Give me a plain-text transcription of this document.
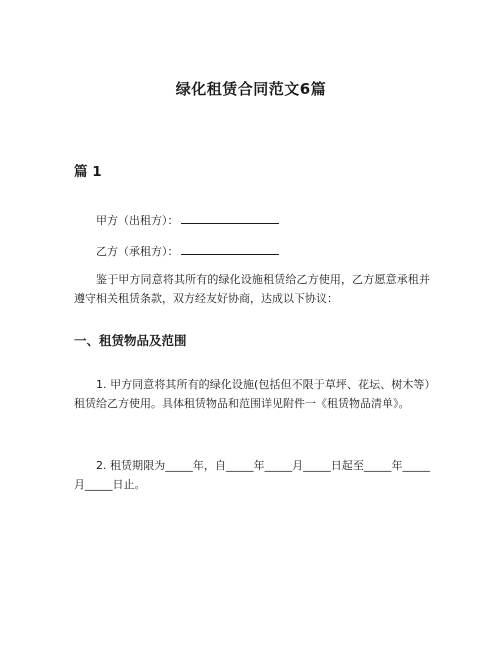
绿化租赁合同范文6篇
篇 1
甲方（出租方）：
乙方（承租方）：
鉴于甲方同意将其所有的绿化设施租赁给乙方使用，乙方愿意承租并遵守相关租赁条款，双方经友好协商，达成以下协议：
一、租赁物品及范围
1. 甲方同意将其所有的绿化设施(包括但不限于草坪、花坛、树木等）租赁给乙方使用。具体租赁物品和范围详见附件一《租赁物品清单》。
2. 租赁期限为_____年，自_____年_____月_____日起至_____年_____月_____日止。
